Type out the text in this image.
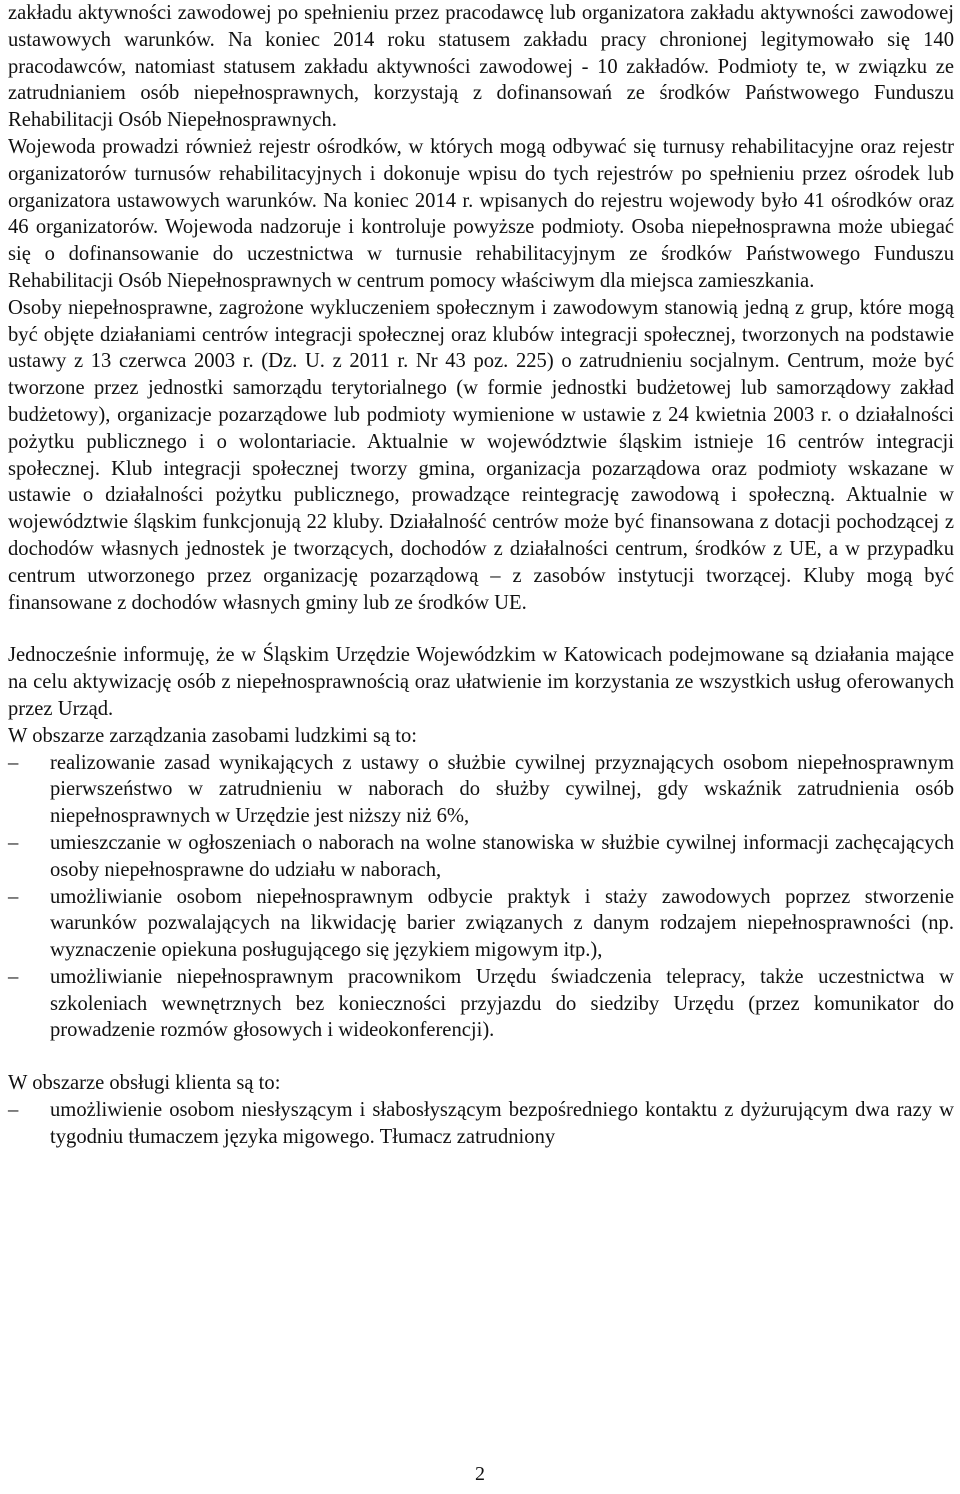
zakładu aktywności zawodowej po spełnieniu przez pracodawcę lub organizatora zakładu aktywności zawodowej ustawowych warunków. Na koniec 2014 roku statusem zakładu pracy chronionej legitymowało się 140 pracodawców, natomiast statusem zakładu aktywności zawodowej - 10 zakładów. Podmioty te, w związku ze zatrudnianiem osób niepełnosprawnych, korzystają z dofinansowań ze środków Państwowego Funduszu Rehabilitacji Osób Niepełnosprawnych.

Wojewoda prowadzi również rejestr ośrodków, w których mogą odbywać się turnusy rehabilitacyjne oraz rejestr organizatorów turnusów rehabilitacyjnych i dokonuje wpisu do tych rejestrów po spełnieniu przez ośrodek lub organizatora ustawowych warunków. Na koniec 2014 r. wpisanych do rejestru wojewody było 41 ośrodków oraz 46 organizatorów. Wojewoda nadzoruje i kontroluje powyższe podmioty. Osoba niepełnosprawna może ubiegać się o dofinansowanie do uczestnictwa w turnusie rehabilitacyjnym ze środków Państwowego Funduszu Rehabilitacji Osób Niepełnosprawnych w centrum pomocy właściwym dla miejsca zamieszkania.

Osoby niepełnosprawne, zagrożone wykluczeniem społecznym i zawodowym stanowią jedną z grup, które mogą być objęte działaniami centrów integracji społecznej oraz klubów integracji społecznej, tworzonych na podstawie ustawy z 13 czerwca 2003 r. (Dz. U. z 2011 r. Nr 43 poz. 225) o zatrudnieniu socjalnym. Centrum, może być tworzone przez jednostki samorządu terytorialnego (w formie jednostki budżetowej lub samorządowy zakład budżetowy), organizacje pozarządowe lub podmioty wymienione w ustawie z 24 kwietnia 2003 r. o działalności pożytku publicznego i o wolontariacie. Aktualnie w województwie śląskim istnieje 16 centrów integracji społecznej. Klub integracji społecznej tworzy gmina, organizacja pozarządowa oraz podmioty wskazane w ustawie o działalności pożytku publicznego, prowadzące reintegrację zawodową i społeczną. Aktualnie w województwie śląskim funkcjonują 22 kluby. Działalność centrów może być finansowana z dotacji pochodzącej z dochodów własnych jednostek je tworzących, dochodów z działalności centrum, środków z UE, a w przypadku centrum utworzonego przez organizację pozarządową – z zasobów instytucji tworzącej. Kluby mogą być finansowane z dochodów własnych gminy lub ze środków UE.

Jednocześnie informuję, że w Śląskim Urzędzie Wojewódzkim w Katowicach podejmowane są działania mające na celu aktywizację osób z niepełnosprawnością oraz ułatwienie im korzystania ze wszystkich usług oferowanych przez Urząd.

W obszarze zarządzania zasobami ludzkimi są to:

– realizowanie zasad wynikających z ustawy o służbie cywilnej przyznających osobom niepełnosprawnym pierwszeństwo w zatrudnieniu w naborach do służby cywilnej, gdy wskaźnik zatrudnienia osób niepełnosprawnych w Urzędzie jest niższy niż 6%,
– umieszczanie w ogłoszeniach o naborach na wolne stanowiska w służbie cywilnej informacji zachęcających osoby niepełnosprawne do udziału w naborach,
– umożliwianie osobom niepełnosprawnym odbycie praktyk i staży zawodowych poprzez stworzenie warunków pozwalających na likwidację barier związanych z danym rodzajem niepełnosprawności (np. wyznaczenie opiekuna posługującego się językiem migowym itp.),
– umożliwianie niepełnosprawnym pracownikom Urzędu świadczenia telepracy, także uczestnictwa w szkoleniach wewnętrznych bez konieczności przyjazdu do siedziby Urzędu (przez komunikator do prowadzenie rozmów głosowych i wideokonferencji).

W obszarze obsługi klienta są to:

– umożliwienie osobom niesłyszącym i słabosłyszącym bezpośredniego kontaktu z dyżurującym dwa razy w tygodniu tłumaczem języka migowego. Tłumacz zatrudniony
2
